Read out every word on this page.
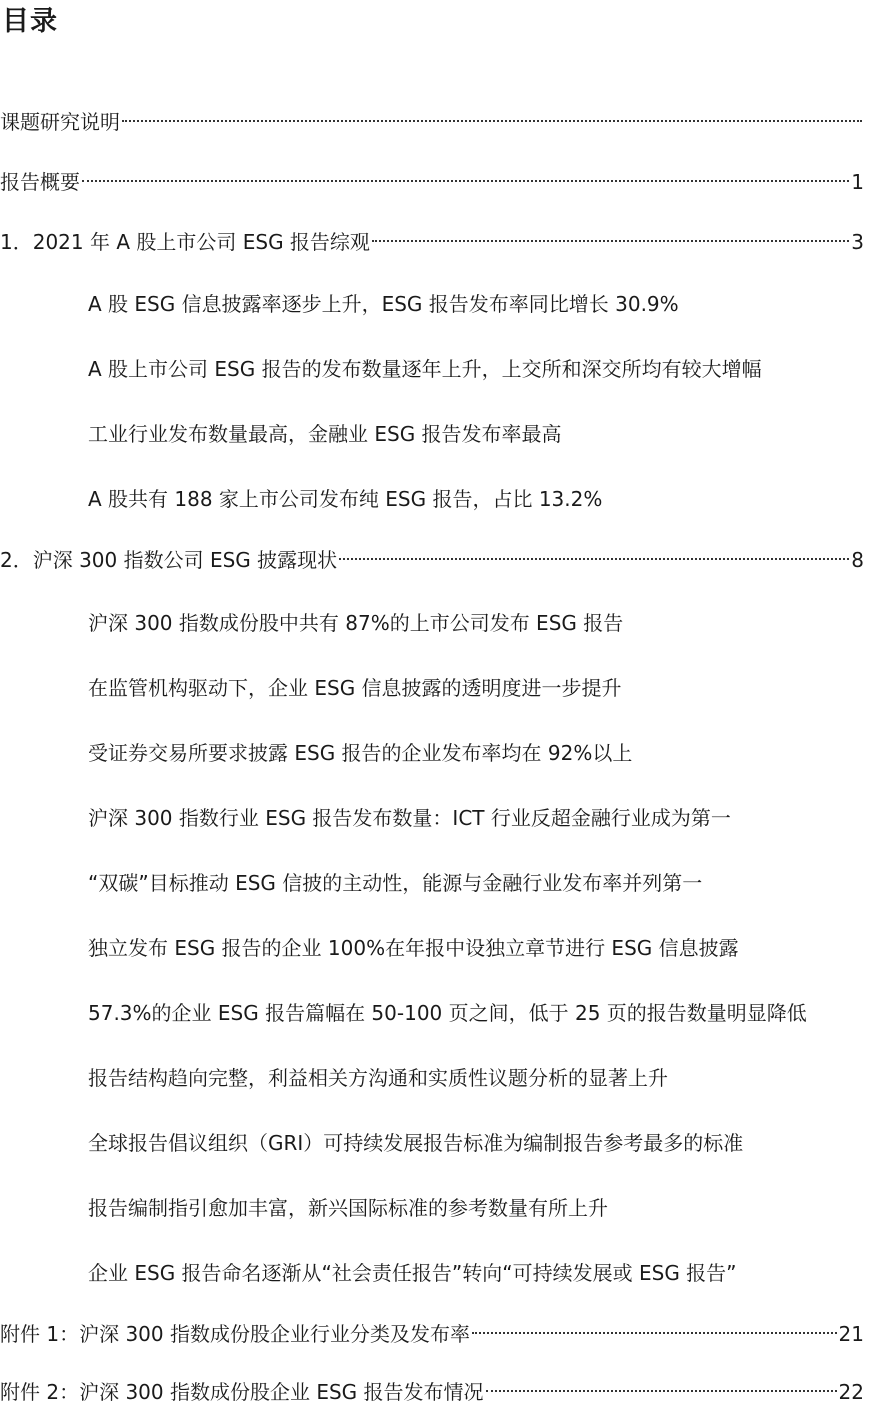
目录
课题研究说明
报告概要	1
1．2021 年 A 股上市公司 ESG 报告综观	3
A 股 ESG 信息披露率逐步上升，ESG 报告发布率同比增长 30.9%
A 股上市公司 ESG 报告的发布数量逐年上升，上交所和深交所均有较大增幅
工业行业发布数量最高，金融业 ESG 报告发布率最高
A 股共有 188 家上市公司发布纯 ESG 报告，占比 13.2%
2．沪深 300 指数公司 ESG 披露现状	8
沪深 300 指数成份股中共有 87%的上市公司发布 ESG 报告
在监管机构驱动下，企业 ESG 信息披露的透明度进一步提升
受证券交易所要求披露 ESG 报告的企业发布率均在 92%以上
沪深 300 指数行业 ESG 报告发布数量：ICT 行业反超金融行业成为第一
“双碳”目标推动 ESG 信披的主动性，能源与金融行业发布率并列第一
独立发布 ESG 报告的企业 100%在年报中设独立章节进行 ESG 信息披露
57.3%的企业 ESG 报告篇幅在 50-100 页之间，低于 25 页的报告数量明显降低
报告结构趋向完整，利益相关方沟通和实质性议题分析的显著上升
全球报告倡议组织（GRI）可持续发展报告标准为编制报告参考最多的标准
报告编制指引愈加丰富，新兴国际标准的参考数量有所上升
企业 ESG 报告命名逐渐从“社会责任报告”转向“可持续发展或 ESG 报告”
附件 1：沪深 300 指数成份股企业行业分类及发布率	21
附件 2：沪深 300 指数成份股企业 ESG 报告发布情况	22
